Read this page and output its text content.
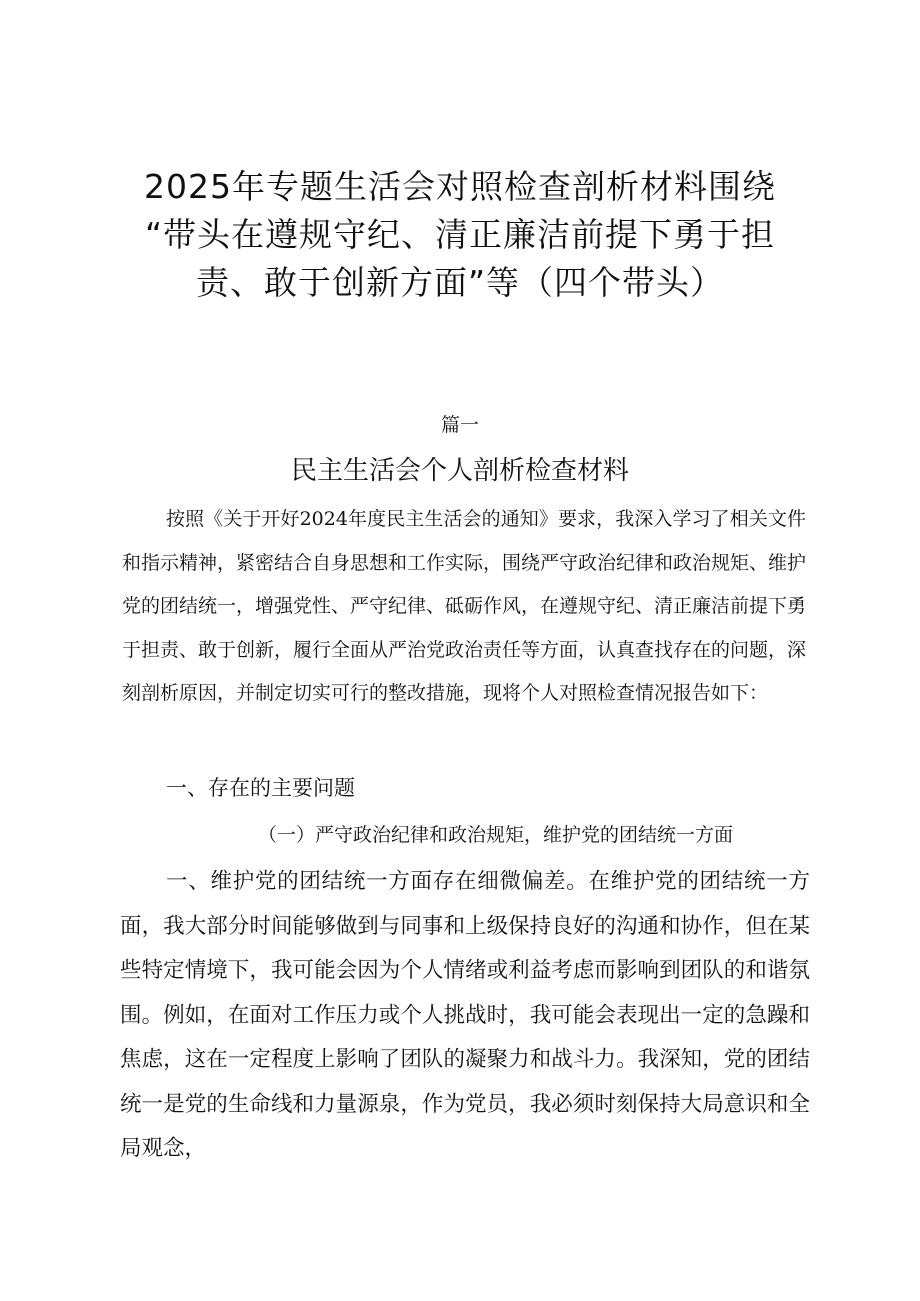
2025年专题生活会对照检查剖析材料围绕
“带头在遵规守纪、清正廉洁前提下勇于担
责、敢于创新方面”等（四个带头）
篇一
民主生活会个人剖析检查材料

按照《关于开好2024年度民主生活会的通知》要求，我深入学习了相关文件和指示精神，紧密结合自身思想和工作实际，围绕严守政治纪律和政治规矩、维护党的团结统一，增强党性、严守纪律、砥砺作风，在遵规守纪、清正廉洁前提下勇于担责、敢于创新，履行全面从严治党政治责任等方面，认真查找存在的问题，深刻剖析原因，并制定切实可行的整改措施，现将个人对照检查情况报告如下：

一、存在的主要问题
（一）严守政治纪律和政治规矩，维护党的团结统一方面

一、维护党的团结统一方面存在细微偏差。在维护党的团结统一方面，我大部分时间能够做到与同事和上级保持良好的沟通和协作，但在某些特定情境下，我可能会因为个人情绪或利益考虑而影响到团队的和谐氛围。例如，在面对工作压力或个人挑战时，我可能会表现出一定的急躁和焦虑，这在一定程度上影响了团队的凝聚力和战斗力。我深知，党的团结统一是党的生命线和力量源泉，作为党员，我必须时刻保持大局意识和全局观念，
